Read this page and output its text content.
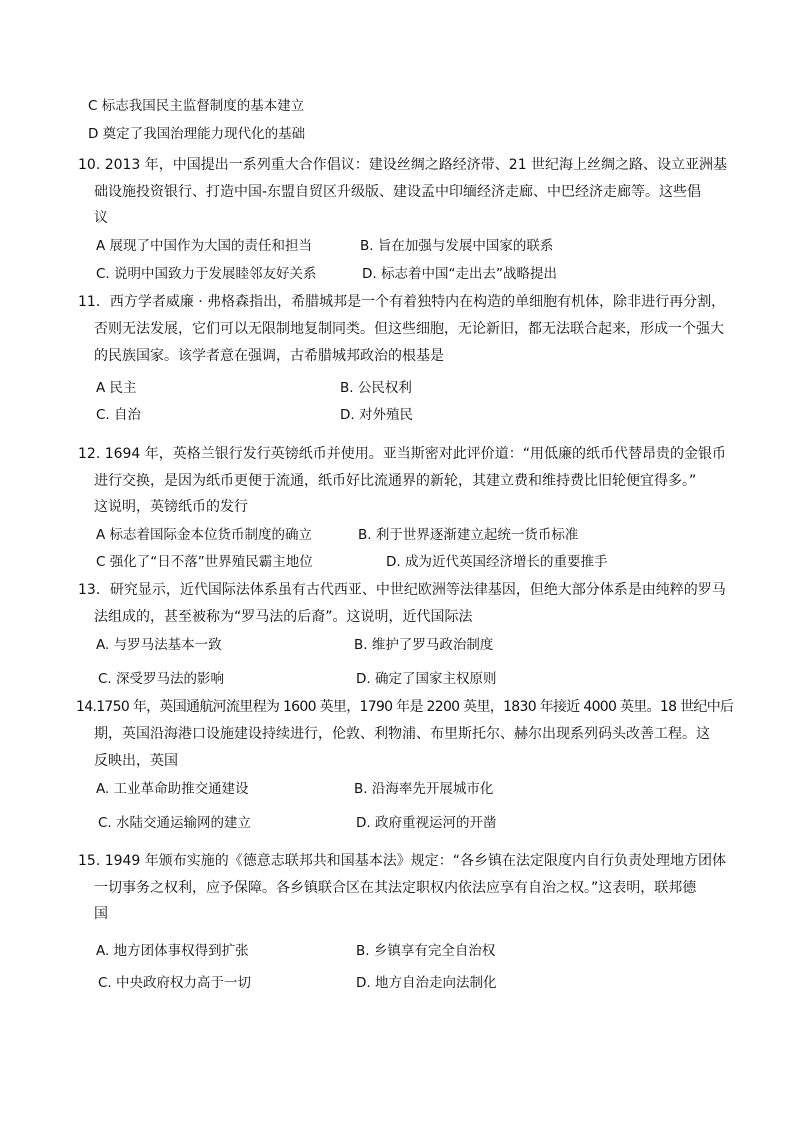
C 标志我国民主监督制度的基本建立
D 奠定了我国治理能力现代化的基础
10. 2013 年，中国提出一系列重大合作倡议：建设丝绸之路经济带、21 世纪海上丝绸之路、设立亚洲基
础设施投资银行、打造中国-东盟自贸区升级版、建设孟中印缅经济走廊、中巴经济走廊等。这些倡
议
A 展现了中国作为大国的责任和担当	B. 旨在加强与发展中国家的联系
C. 说明中国致力于发展睦邻友好关系	D. 标志着中国“走出去”战略提出
11．西方学者威廉 · 弗格森指出，希腊城邦是一个有着独特内在构造的单细胞有机体，除非进行再分割，
否则无法发展，它们可以无限制地复制同类。但这些细胞，无论新旧，都无法联合起来，形成一个强大
的民族国家。该学者意在强调，古希腊城邦政治的根基是
A 民主	B. 公民权利
C. 自治	D. 对外殖民
12. 1694 年，英格兰银行发行英镑纸币并使用。亚当斯密对此评价道：“用低廉的纸币代替昂贵的金银币
进行交换，是因为纸币更便于流通，纸币好比流通界的新轮，其建立费和维持费比旧轮便宜得多。”
这说明，英镑纸币的发行
A 标志着国际金本位货币制度的确立	B. 利于世界逐渐建立起统一货币标准
C 强化了“日不落”世界殖民霸主地位	D. 成为近代英国经济增长的重要推手
13．研究显示，近代国际法体系虽有古代西亚、中世纪欧洲等法律基因，但绝大部分体系是由纯粹的罗马
法组成的，甚至被称为“罗马法的后裔”。这说明，近代国际法
A. 与罗马法基本一致	B. 维护了罗马政治制度
C. 深受罗马法的影响	D. 确定了国家主权原则
14.1750 年，英国通航河流里程为 1600 英里，1790 年是 2200 英里，1830 年接近 4000 英里。18 世纪中后
期，英国沿海港口设施建设持续进行，伦敦、利物浦、布里斯托尔、赫尔出现系列码头改善工程。这
反映出，英国
A. 工业革命助推交通建设	B. 沿海率先开展城市化
C. 水陆交通运输网的建立	D. 政府重视运河的开凿
15. 1949 年颁布实施的《德意志联邦共和国基本法》规定：“各乡镇在法定限度内自行负责处理地方团体
一切事务之权利，应予保障。各乡镇联合区在其法定职权内依法应享有自治之权。”这表明，联邦德
国
A. 地方团体事权得到扩张	B. 乡镇享有完全自治权
C. 中央政府权力高于一切	D. 地方自治走向法制化
